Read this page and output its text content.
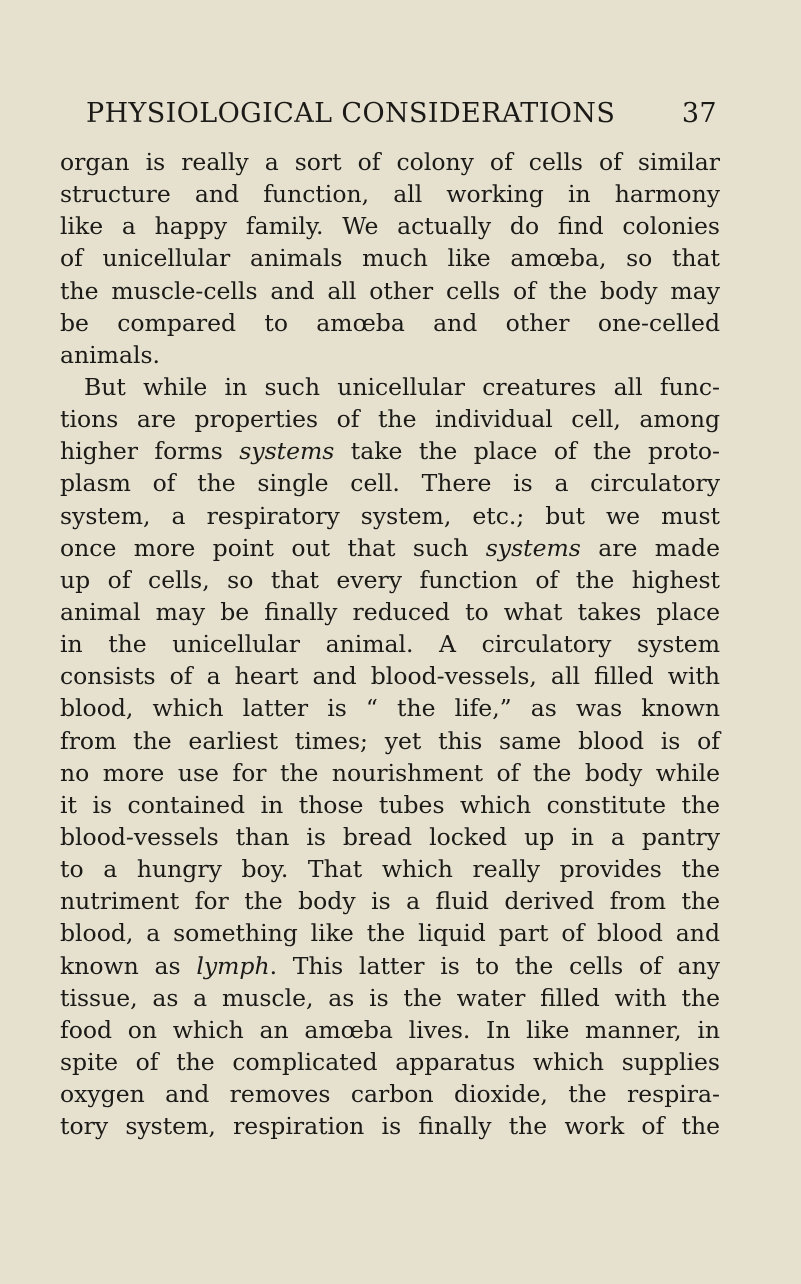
PHYSIOLOGICAL CONSIDERATIONS 37
organ is really a sort of colony of cells of similar
structure and function, all working in harmony
like a happy family. We actually do find colonies
of unicellular animals much like amœba, so that
the muscle-cells and all other cells of the body may
be compared to amœba and other one-celled
animals.
But while in such unicellular creatures all func-
tions are properties of the individual cell, among
higher forms systems take the place of the proto-
plasm of the single cell. There is a circulatory
system, a respiratory system, etc.; but we must
once more point out that such systems are made
up of cells, so that every function of the highest
animal may be finally reduced to what takes place
in the unicellular animal. A circulatory system
consists of a heart and blood-vessels, all filled with
blood, which latter is “ the life,” as was known
from the earliest times; yet this same blood is of
no more use for the nourishment of the body while
it is contained in those tubes which constitute the
blood-vessels than is bread locked up in a pantry
to a hungry boy. That which really provides the
nutriment for the body is a fluid derived from the
blood, a something like the liquid part of blood and
known as lymph. This latter is to the cells of any
tissue, as a muscle, as is the water filled with the
food on which an amœba lives. In like manner, in
spite of the complicated apparatus which supplies
oxygen and removes carbon dioxide, the respira-
tory system, respiration is finally the work of the
